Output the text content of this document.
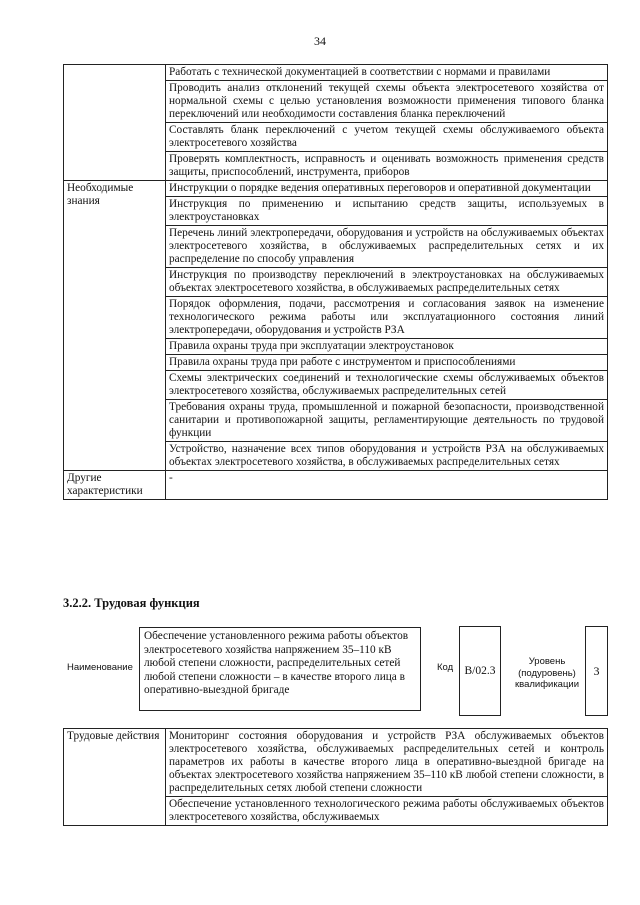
34
	Работать с технической документацией в соответствии с нормами и правилами
	Проводить анализ отклонений текущей схемы объекта электросетевого хозяйства от нормальной схемы с целью установления возможности применения типового бланка переключений или необходимости составления бланка переключений
	Составлять бланк переключений с учетом текущей схемы обслуживаемого объекта электросетевого хозяйства
	Проверять комплектность, исправность и оценивать возможность применения средств защиты, приспособлений, инструмента, приборов
Необходимые знания	Инструкции о порядке ведения оперативных переговоров и оперативной документации
	Инструкция по применению и испытанию средств защиты, используемых в электроустановках
	Перечень линий электропередачи, оборудования и устройств на обслуживаемых объектах электросетевого хозяйства, в обслуживаемых распределительных сетях и их распределение по способу управления
	Инструкция по производству переключений в электроустановках на обслуживаемых объектах электросетевого хозяйства, в обслуживаемых распределительных сетях
	Порядок оформления, подачи, рассмотрения и согласования заявок на изменение технологического режима работы или эксплуатационного состояния линий электропередачи, оборудования и устройств РЗА
	Правила охраны труда при эксплуатации электроустановок
	Правила охраны труда при работе с инструментом и приспособлениями
	Схемы электрических соединений и технологические схемы обслуживаемых объектов электросетевого хозяйства, обслуживаемых распределительных сетей
	Требования охраны труда, промышленной и пожарной безопасности, производственной санитарии и противопожарной защиты, регламентирующие деятельность по трудовой функции
	Устройство, назначение всех типов оборудования и устройств РЗА на обслуживаемых объектах электросетевого хозяйства, в обслуживаемых распределительных сетях
Другие характеристики	-
3.2.2. Трудовая функция
Наименование
Обеспечение установленного режима работы объектов электросетевого хозяйства напряжением 35–110 кВ любой степени сложности, распределительных сетей любой степени сложности – в качестве второго лица в оперативно-выездной бригаде
Код В/02.3
Уровень (подуровень) квалификации
3
Трудовые действия	Мониторинг состояния оборудования и устройств РЗА обслуживаемых объектов электросетевого хозяйства, обслуживаемых распределительных сетей и контроль параметров их работы в качестве второго лица в оперативно-выездной бригаде на объектах электросетевого хозяйства напряжением 35–110 кВ любой степени сложности, в распределительных сетях любой степени сложности
Обеспечение установленного технологического режима работы обслуживаемых объектов электросетевого хозяйства, обслуживаемых
